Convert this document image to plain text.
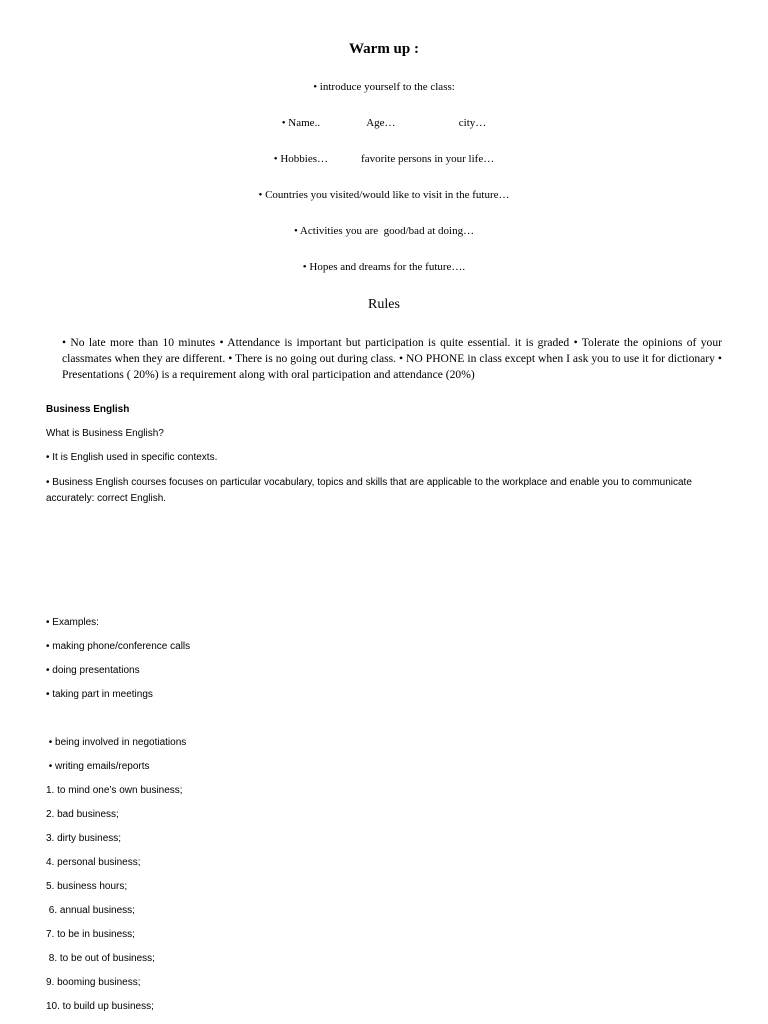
Warm up :
• introduce yourself to the class:
• Name..                 Age…                       city…
• Hobbies…            favorite persons in your life…
• Countries you visited/would like to visit in the future…
• Activities you are  good/bad at doing…
• Hopes and dreams for the future….
Rules
• No late more than 10 minutes • Attendance is important but participation is quite essential. it is graded • Tolerate the opinions of your classmates when they are different. • There is no going out during class. • NO PHONE in class except when I ask you to use it for dictionary • Presentations ( 20%) is a requirement along with oral participation and attendance (20%)
Business English
What is Business English?
• It is English used in specific contexts.
• Business English courses focuses on particular vocabulary, topics and skills that are applicable to the workplace and enable you to communicate accurately: correct English.
• Examples:
• making phone/conference calls
• doing presentations
• taking part in meetings
• being involved in negotiations
• writing emails/reports
1. to mind one’s own business;
2. bad business;
3. dirty business;
4. personal business;
5. business hours;
6. annual business;
7. to be in business;
8. to be out of business;
9. booming business;
10. to build up business;
